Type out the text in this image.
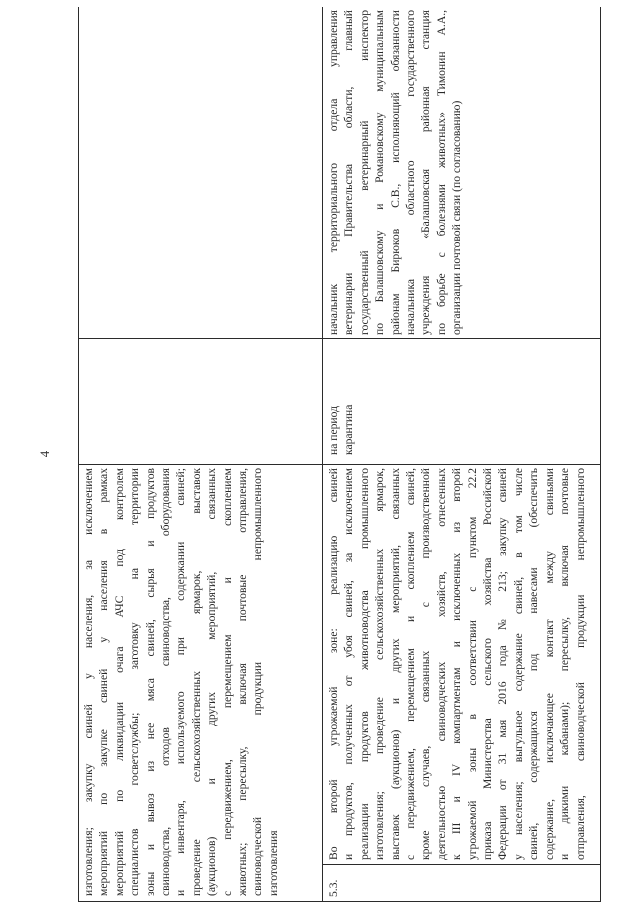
4

изготовления; закупку свиней у населения, за исключением мероприятий по закупке свиней у населения в рамках мероприятий по ликвидации очага АЧС под контролем специалистов госветслужбы; заготовку на территории зоны и вывоз из нее мяса свиней, сырья и продуктов свиноводства, отходов свиноводства, оборудования и инвентаря, используемого при содержании свиней; проведение сельскохозяйственных ярмарок, выставок (аукционов) и других мероприятий, связанных с передвижением, перемещением и скоплением животных; пересылку, включая почтовые отправления, свиноводческой продукции непромышленного изготовления	5.3.

Во второй угрожаемой зоне: реализацию свиней и продуктов, полученных от убоя свиней, за исключением реализации продуктов животноводства промышленного изготовления; проведение сельскохозяйственных ярмарок, выставок (аукционов) и других мероприятий, связанных с передвижением, перемещением и скоплением свиней, кроме случаев, связанных с производственной деятельностью свиноводческих хозяйств, отнесенных к III и IV компартментам и исключенных из второй угрожаемой зоны в соответствии с пунктом 22.2 приказа Министерства сельского хозяйства Российской Федерации от 31 мая 2016 года № 213; закупку свиней у населения; выгульное содержание свиней, в том числе свиней, содержащихся под навесами (обеспечить содержание, исключающее контакт между свиньями и дикими кабанами); пересылку, включая почтовые отправления, свиноводческой продукции непромышленного

на период карантина

начальник территориального отдела управления ветеринарии Правительства области, главный государственный ветеринарный инспектор по Балашовскому и Романовскому муниципальным районам Бирюков С.В., исполняющий обязанности начальника областного государственного учреждения «Балашовская районная станция по борьбе с болезнями животных» Тимонин А.А., организации почтовой связи (по согласованию)
